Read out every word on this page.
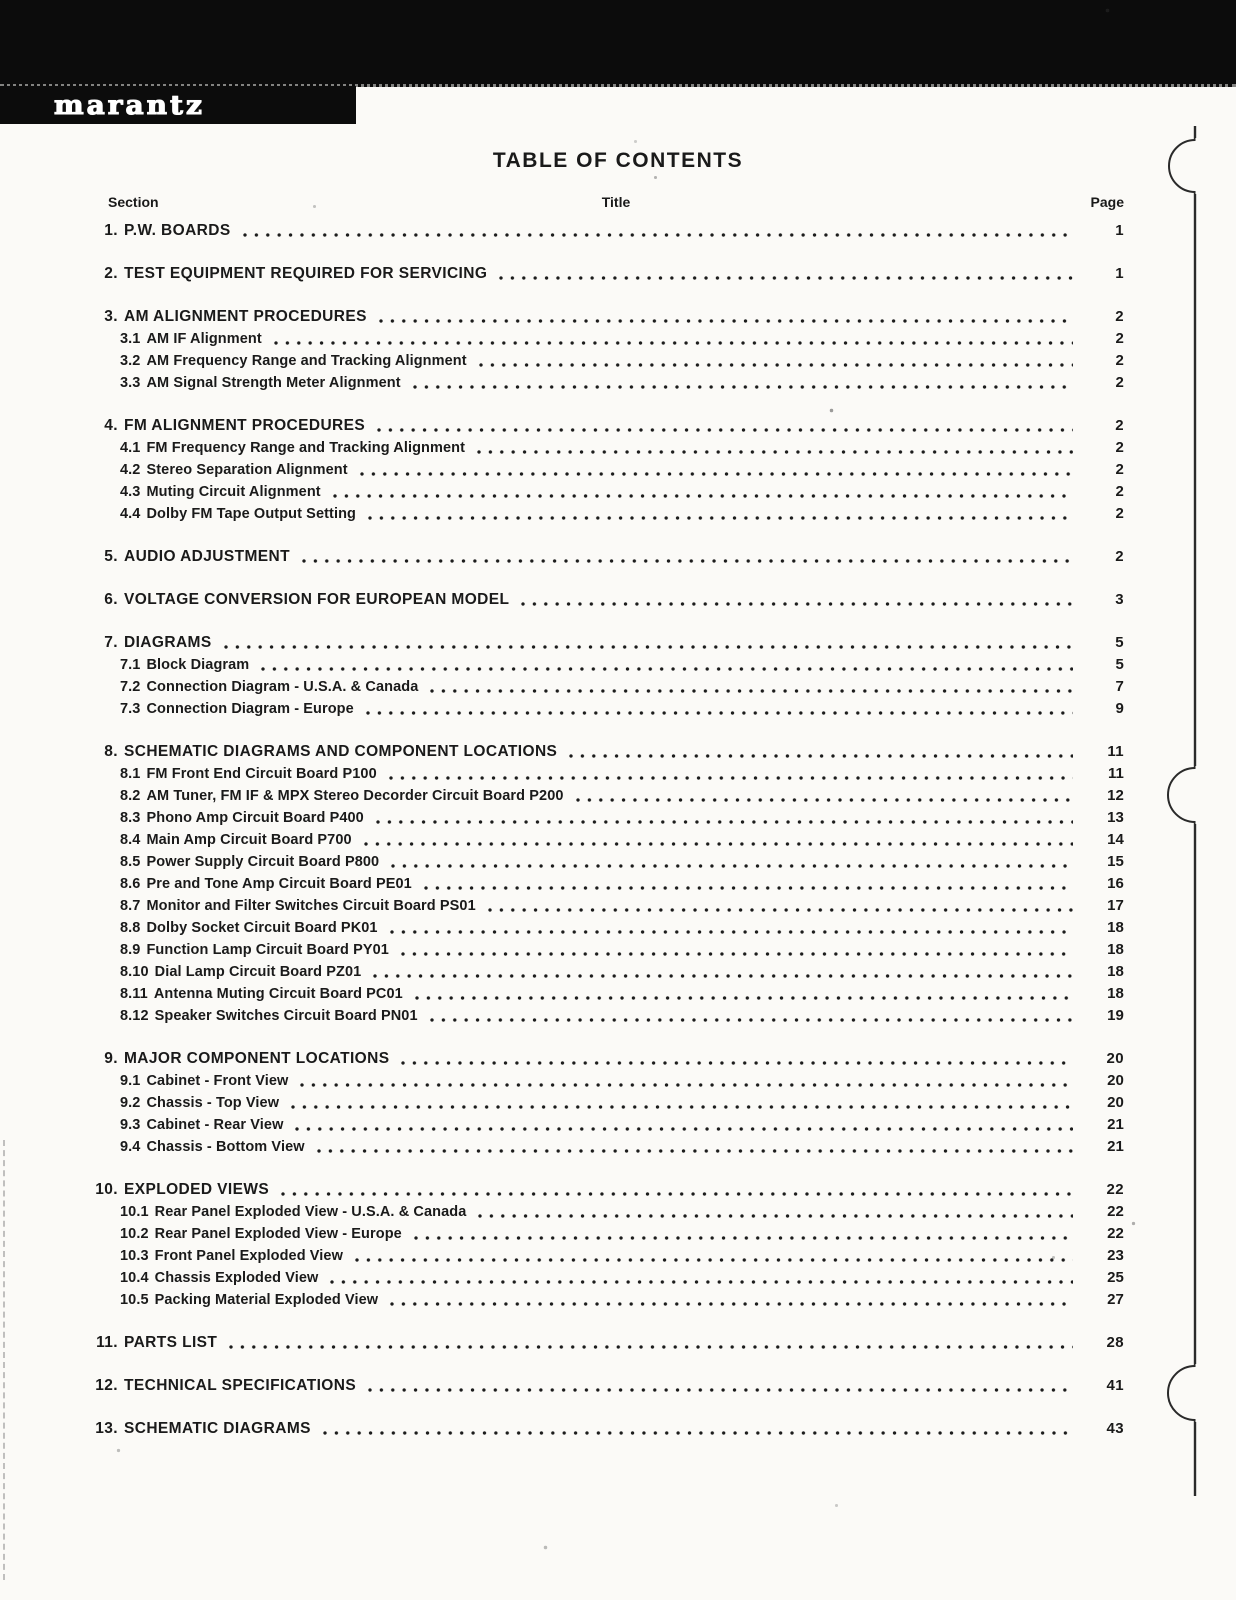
marantz
TABLE OF CONTENTS
Section	Title	Page
1. P.W. BOARDS	1
2. TEST EQUIPMENT REQUIRED FOR SERVICING	1
3. AM ALIGNMENT PROCEDURES	2
3.1 AM IF Alignment	2
3.2 AM Frequency Range and Tracking Alignment	2
3.3 AM Signal Strength Meter Alignment	2
4. FM ALIGNMENT PROCEDURES	2
4.1 FM Frequency Range and Tracking Alignment	2
4.2 Stereo Separation Alignment	2
4.3 Muting Circuit Alignment	2
4.4 Dolby FM Tape Output Setting	2
5. AUDIO ADJUSTMENT	2
6. VOLTAGE CONVERSION FOR EUROPEAN MODEL	3
7. DIAGRAMS	5
7.1 Block Diagram	5
7.2 Connection Diagram - U.S.A. & Canada	7
7.3 Connection Diagram - Europe	9
8. SCHEMATIC DIAGRAMS AND COMPONENT LOCATIONS	11
8.1 FM Front End Circuit Board P100	11
8.2 AM Tuner, FM IF & MPX Stereo Decorder Circuit Board P200	12
8.3 Phono Amp Circuit Board P400	13
8.4 Main Amp Circuit Board P700	14
8.5 Power Supply Circuit Board P800	15
8.6 Pre and Tone Amp Circuit Board PE01	16
8.7 Monitor and Filter Switches Circuit Board PS01	17
8.8 Dolby Socket Circuit Board PK01	18
8.9 Function Lamp Circuit Board PY01	18
8.10 Dial Lamp Circuit Board PZ01	18
8.11 Antenna Muting Circuit Board PC01	18
8.12 Speaker Switches Circuit Board PN01	19
9. MAJOR COMPONENT LOCATIONS	20
9.1 Cabinet - Front View	20
9.2 Chassis - Top View	20
9.3 Cabinet - Rear View	21
9.4 Chassis - Bottom View	21
10. EXPLODED VIEWS	22
10.1 Rear Panel Exploded View - U.S.A. & Canada	22
10.2 Rear Panel Exploded View - Europe	22
10.3 Front Panel Exploded View	23
10.4 Chassis Exploded View	25
10.5 Packing Material Exploded View	27
11. PARTS LIST	28
12. TECHNICAL SPECIFICATIONS	41
13. SCHEMATIC DIAGRAMS	43
